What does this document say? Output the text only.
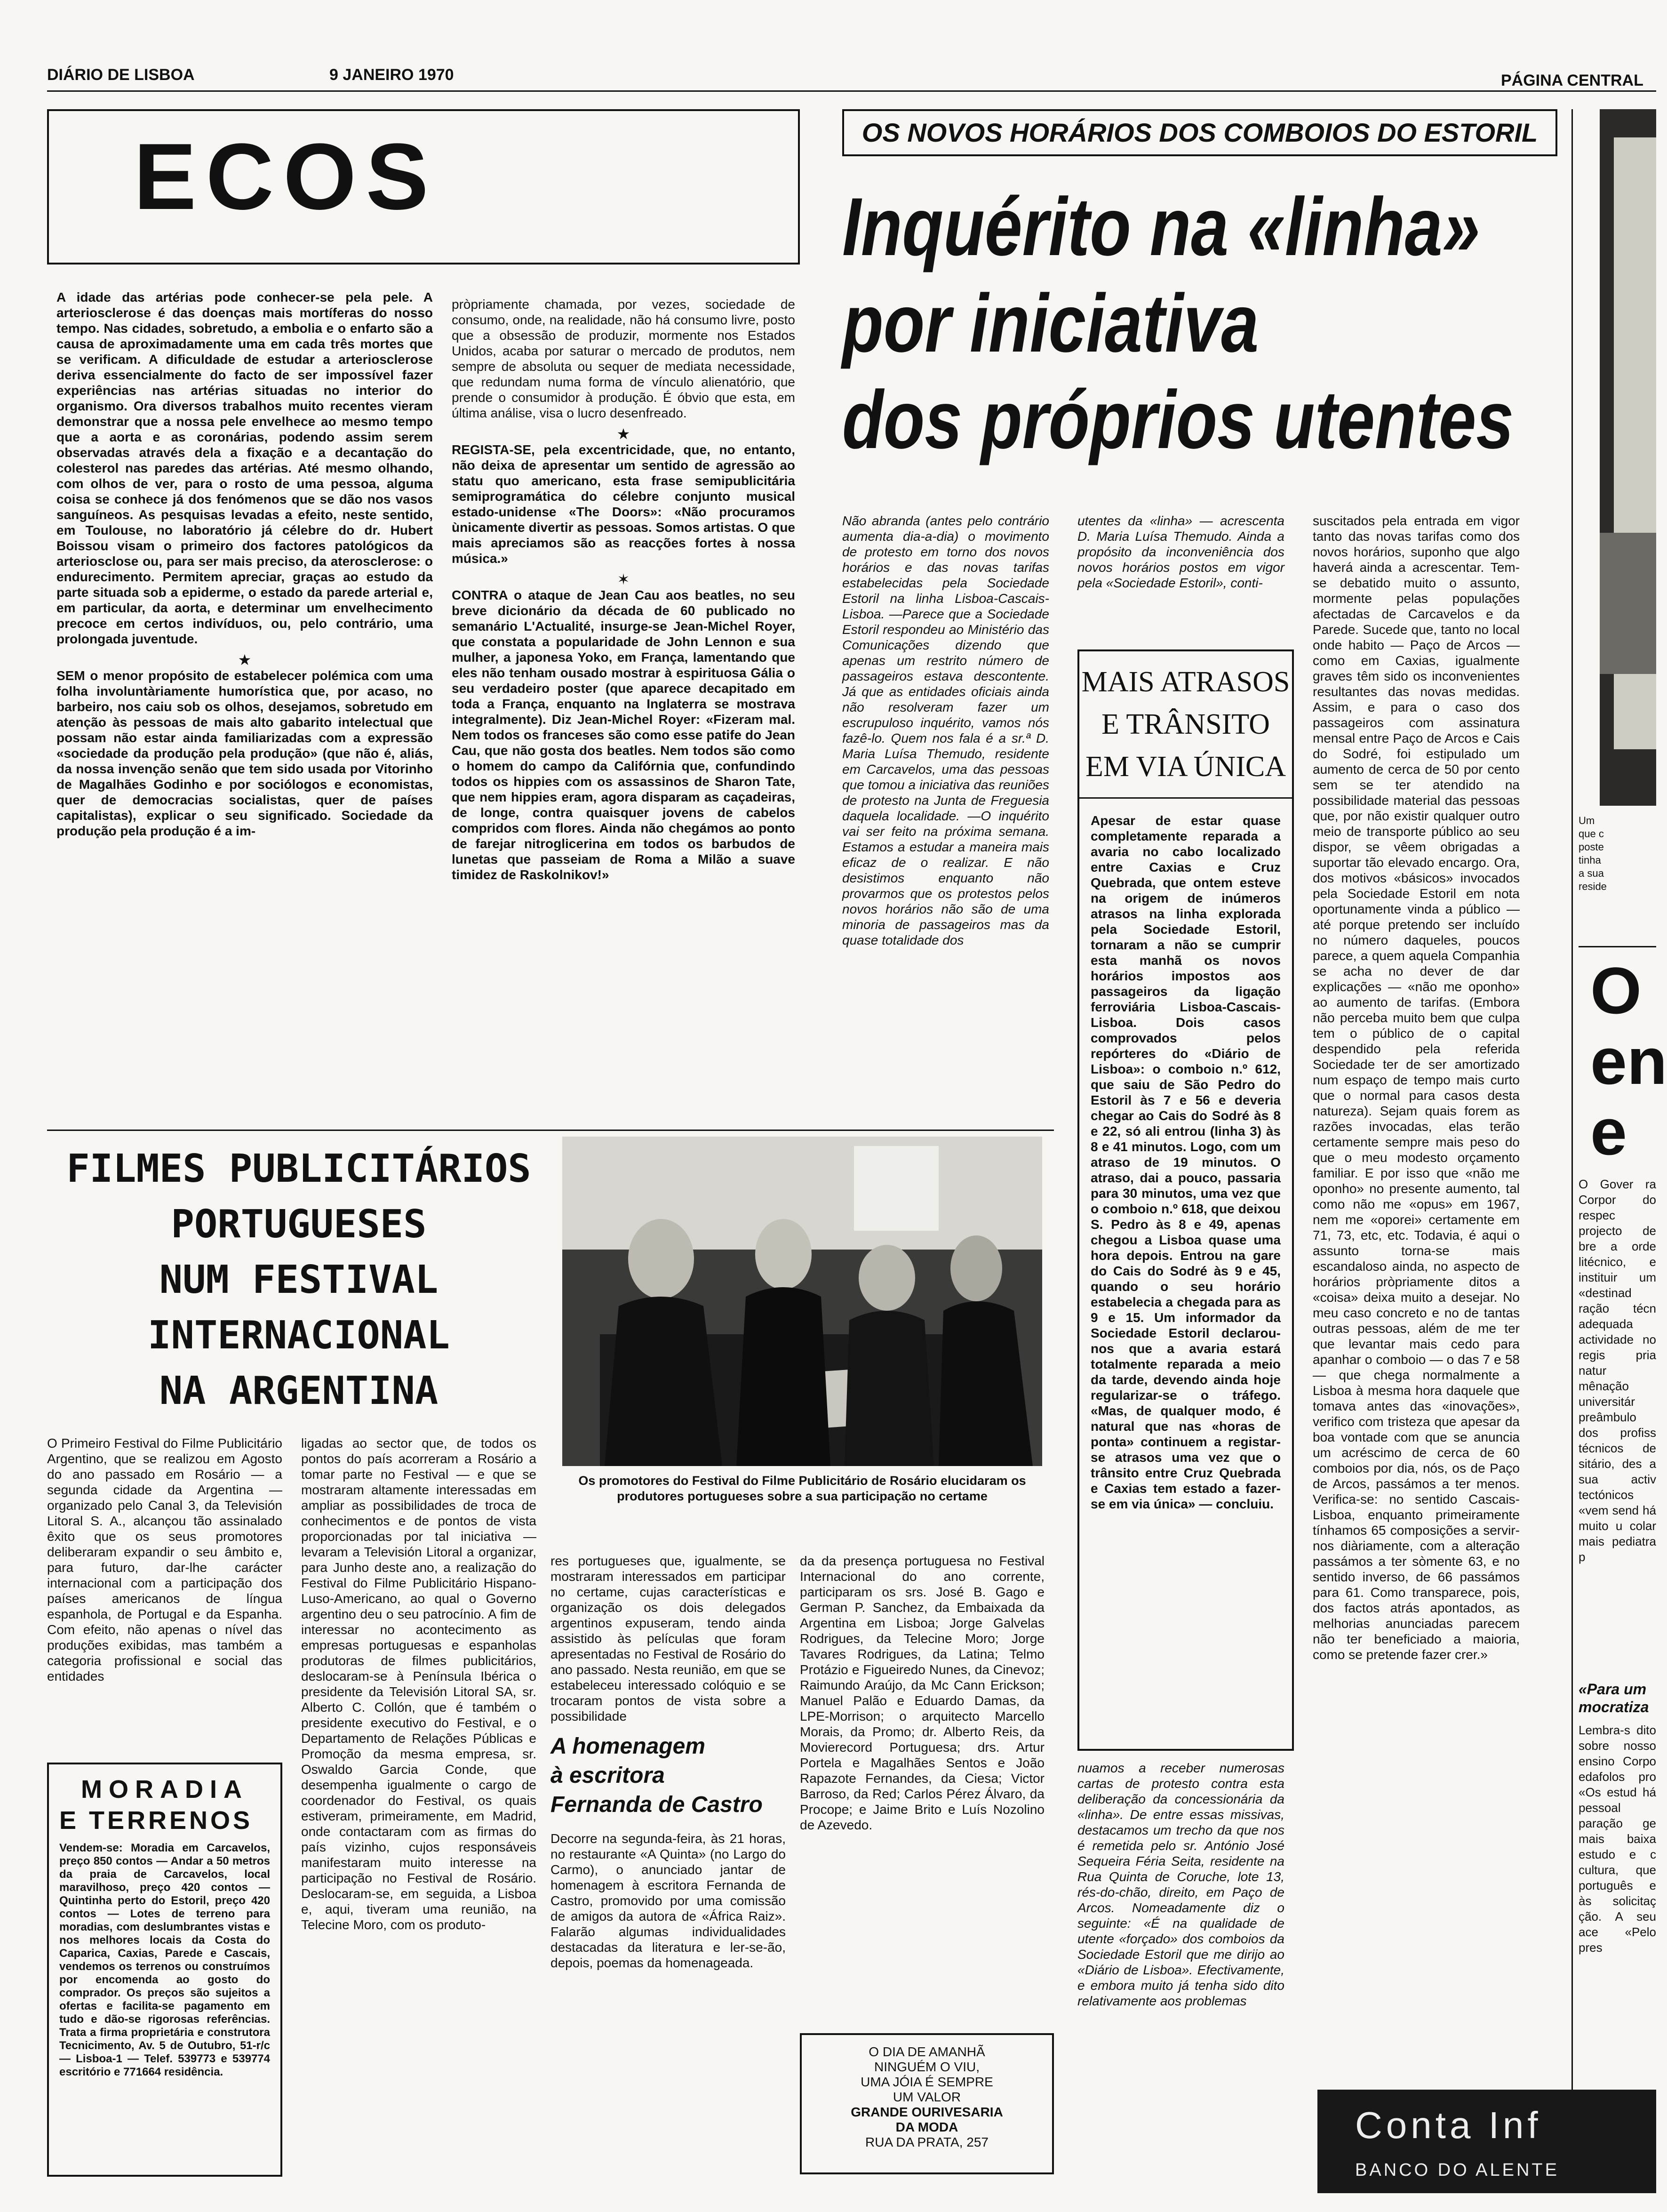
DIÁRIO DE LISBOA	9 JANEIRO 1970	PÁGINA CENTRAL
ECOS

A idade das artérias pode conhecer-se pela pele. A arteriosclerose é das doenças mais mortíferas do nosso tempo. Nas cidades, sobretudo, a embolia e o enfarto são a causa de aproximadamente uma em cada três mortes que se verificam. A dificuldade de estudar a arteriosclerose deriva essencialmente do facto de ser impossível fazer experiências nas artérias situadas no interior do organismo. Ora diversos trabalhos muito recentes vieram demonstrar que a nossa pele envelhece ao mesmo tempo que a aorta e as coronárias, podendo assim serem observadas através dela a fixação e a decantação do colesterol nas paredes das artérias. Até mesmo olhando, com olhos de ver, para o rosto de uma pessoa, alguma coisa se conhece já dos fenómenos que se dão nos vasos sanguíneos. As pesquisas levadas a efeito, neste sentido, em Toulouse, no laboratório já célebre do dr. Hubert Boissou visam o primeiro dos factores patológicos da arteriosclose ou, para ser mais preciso, da aterosclerose: o endurecimento. Permitem apreciar, graças ao estudo da parte situada sob a epiderme, o estado da parede arterial e, em particular, da aorta, e determinar um envelhecimento precoce em certos indivíduos, ou, pelo contrário, uma prolongada juventude.

★

SEM o menor propósito de estabelecer polémica com uma folha involuntàriamente humorística que, por acaso, no barbeiro, nos caiu sob os olhos, desejamos, sobretudo em atenção às pessoas de mais alto gabarito intelectual que possam não estar ainda familiarizadas com a expressão «sociedade da produção pela produção» (que não é, aliás, da nossa invenção senão que tem sido usada por Vitorinho de Magalhães Godinho e por sociólogos e economistas, quer de democracias socialistas, quer de países capitalistas), explicar o seu significado. Sociedade da produção pela produção é a im-

pròpriamente chamada, por vezes, sociedade de consumo, onde, na realidade, não há consumo livre, posto que a obsessão de produzir, mormente nos Estados Unidos, acaba por saturar o mercado de produtos, nem sempre de absoluta ou sequer de mediata necessidade, que redundam numa forma de vínculo alienatório, que prende o consumidor à produção. É óbvio que esta, em última análise, visa o lucro desenfreado.

★

REGISTA-SE, pela excentricidade, que, no entanto, não deixa de apresentar um sentido de agressão ao statu quo americano, esta frase semipublicitária semiprogramática do célebre conjunto musical estado-unidense «The Doors»: «Não procuramos ùnicamente divertir as pessoas. Somos artistas. O que mais apreciamos são as reacções fortes à nossa música.»

✶

CONTRA o ataque de Jean Cau aos beatles, no seu breve dicionário da década de 60 publicado no semanário L'Actualité, insurge-se Jean-Michel Royer, que constata a popularidade de John Lennon e sua mulher, a japonesa Yoko, em França, lamentando que eles não tenham ousado mostrar à espirituosa Gália o seu verdadeiro poster (que aparece decapitado em toda a França, enquanto na Inglaterra se mostrava integralmente). Diz Jean-Michel Royer: «Fizeram mal. Nem todos os franceses são como esse patife do Jean Cau, que não gosta dos beatles. Nem todos são como o homem do campo da Califórnia que, confundindo todos os hippies com os assassinos de Sharon Tate, que nem hippies eram, agora disparam as caçadeiras, de longe, contra quaisquer jovens de cabelos compridos com flores. Ainda não chegámos ao ponto de farejar nitroglicerina em todos os barbudos de lunetas que passeiam de Roma a Milão a suave timidez de Raskolnikov!»

OS NOVOS HORÁRIOS DOS COMBOIOS DO ESTORIL
Inquérito na «linha»
por iniciativa
dos próprios utentes

Não abranda (antes pelo contrário aumenta dia-a-dia) o movimento de protesto em torno dos novos horários e das novas tarifas estabelecidas pela Sociedade Estoril na linha Lisboa-Cascais-Lisboa. —Parece que a Sociedade Estoril respondeu ao Ministério das Comunicações dizendo que apenas um restrito número de passageiros estava descontente. Já que as entidades oficiais ainda não resolveram fazer um escrupuloso inquérito, vamos nós fazê-lo. Quem nos fala é a sr.ª D. Maria Luísa Themudo, residente em Carcavelos, uma das pessoas que tomou a iniciativa das reuniões de protesto na Junta de Freguesia daquela localidade. —O inquérito vai ser feito na próxima semana. Estamos a estudar a maneira mais eficaz de o realizar. E não desistimos enquanto não provarmos que os protestos pelos novos horários não são de uma minoria de passageiros mas da quase totalidade dos

utentes da «linha» — acrescenta D. Maria Luísa Themudo. Ainda a propósito da inconveniência dos novos horários postos em vigor pela «Sociedade Estoril», conti-

MAIS ATRASOS
E TRÂNSITO
EM VIA ÚNICA
Apesar de estar quase completamente reparada a avaria no cabo localizado entre Caxias e Cruz Quebrada, que ontem esteve na origem de inúmeros atrasos na linha explorada pela Sociedade Estoril, tornaram a não se cumprir esta manhã os novos horários impostos aos passageiros da ligação ferroviária Lisboa-Cascais-Lisboa. Dois casos comprovados pelos repórteres do «Diário de Lisboa»: o comboio n.º 612, que saiu de São Pedro do Estoril às 7 e 56 e deveria chegar ao Cais do Sodré às 8 e 22, só ali entrou (linha 3) às 8 e 41 minutos. Logo, com um atraso de 19 minutos. O atraso, dai a pouco, passaria para 30 minutos, uma vez que o comboio n.º 618, que deixou S. Pedro às 8 e 49, apenas chegou a Lisboa quase uma hora depois. Entrou na gare do Cais do Sodré às 9 e 45, quando o seu horário estabelecia a chegada para as 9 e 15. Um informador da Sociedade Estoril declarou-nos que a avaria estará totalmente reparada a meio da tarde, devendo ainda hoje regularizar-se o tráfego. «Mas, de qualquer modo, é natural que nas «horas de ponta» continuem a registar-se atrasos uma vez que o trânsito entre Cruz Quebrada e Caxias tem estado a fazer-se em via única» — concluiu.

nuamos a receber numerosas cartas de protesto contra esta deliberação da concessionária da «linha». De entre essas missivas, destacamos um trecho da que nos é remetida pelo sr. António José Sequeira Féria Seita, residente na Rua Quinta de Coruche, lote 13, rés-do-chão, direito, em Paço de Arcos. Nomeadamente diz o seguinte: «É na qualidade de utente «forçado» dos comboios da Sociedade Estoril que me dirijo ao «Diário de Lisboa». Efectivamente, e embora muito já tenha sido dito relativamente aos problemas

suscitados pela entrada em vigor tanto das novas tarifas como dos novos horários, suponho que algo haverá ainda a acrescentar. Tem-se debatido muito o assunto, mormente pelas populações afectadas de Carcavelos e da Parede. Sucede que, tanto no local onde habito — Paço de Arcos — como em Caxias, igualmente graves têm sido os inconvenientes resultantes das novas medidas. Assim, e para o caso dos passageiros com assinatura mensal entre Paço de Arcos e Cais do Sodré, foi estipulado um aumento de cerca de 50 por cento sem se ter atendido na possibilidade material das pessoas que, por não existir qualquer outro meio de transporte público ao seu dispor, se vêem obrigadas a suportar tão elevado encargo. Ora, dos motivos «básicos» invocados pela Sociedade Estoril em nota oportunamente vinda a público — até porque pretendo ser incluído no número daqueles, poucos parece, a quem aquela Companhia se acha no dever de dar explicações — «não me oponho» ao aumento de tarifas. (Embora não perceba muito bem que culpa tem o público de o capital despendido pela referida Sociedade ter de ser amortizado num espaço de tempo mais curto que o normal para casos desta natureza). Sejam quais forem as razões invocadas, elas terão certamente sempre mais peso do que o meu modesto orçamento familiar. E por isso que «não me oponho» no presente aumento, tal como não me «opus» em 1967, nem me «oporei» certamente em 71, 73, etc, etc. Todavia, é aqui o assunto torna-se mais escandaloso ainda, no aspecto de horários pròpriamente ditos a «coisa» deixa muito a desejar. No meu caso concreto e no de tantas outras pessoas, além de me ter que levantar mais cedo para apanhar o comboio — o das 7 e 58 — que chega normalmente a Lisboa à mesma hora daquele que tomava antes das «inovações», verifico com tristeza que apesar da boa vontade com que se anuncia um acréscimo de cerca de 60 comboios por dia, nós, os de Paço de Arcos, passámos a ter menos. Verifica-se: no sentido Cascais-Lisboa, enquanto primeiramente tínhamos 65 composições a servir-nos diàriamente, com a alteração passámos a ter sòmente 63, e no sentido inverso, de 66 passámos para 61. Como transparece, pois, dos factos atrás apontados, as melhorias anunciadas parecem não ter beneficiado a maioria, como se pretende fazer crer.»

FILMES PUBLICITÁRIOS
PORTUGUESES
NUM FESTIVAL
INTERNACIONAL
NA ARGENTINA
Os promotores do Festival do Filme Publicitário de Rosário elucidaram os produtores portugueses sobre a sua participação no certame

O Primeiro Festival do Filme Publicitário Argentino, que se realizou em Agosto do ano passado em Rosário — a segunda cidade da Argentina — organizado pelo Canal 3, da Televisión Litoral S. A., alcançou tão assinalado êxito que os seus promotores deliberaram expandir o seu âmbito e, para futuro, dar-lhe carácter internacional com a participação dos países americanos de língua espanhola, de Portugal e da Espanha. Com efeito, não apenas o nível das produções exibidas, mas também a categoria profissional e social das entidades

ligadas ao sector que, de todos os pontos do país acorreram a Rosário a tomar parte no Festival — e que se mostraram altamente interessadas em ampliar as possibilidades de troca de conhecimentos e de pontos de vista proporcionadas por tal iniciativa — levaram a Televisión Litoral a organizar, para Junho deste ano, a realização do Festival do Filme Publicitário Hispano-Luso-Americano, ao qual o Governo argentino deu o seu patrocínio. A fim de interessar no acontecimento as empresas portuguesas e espanholas produtoras de filmes publicitários, deslocaram-se à Península Ibérica o presidente da Televisión Litoral SA, sr. Alberto C. Collón, que é também o presidente executivo do Festival, e o Departamento de Relações Públicas e Promoção da mesma empresa, sr. Oswaldo Garcia Conde, que desempenha igualmente o cargo de coordenador do Festival, os quais estiveram, primeiramente, em Madrid, onde contactaram com as firmas do país vizinho, cujos responsáveis manifestaram muito interesse na participação no Festival de Rosário. Deslocaram-se, em seguida, a Lisboa e, aqui, tiveram uma reunião, na Telecine Moro, com os produto-

res portugueses que, igualmente, se mostraram interessados em participar no certame, cujas características e organização os dois delegados argentinos expuseram, tendo ainda assistido às películas que foram apresentadas no Festival de Rosário do ano passado. Nesta reunião, em que se estabeleceu interessado colóquio e se trocaram pontos de vista sobre a possibilidade

da da presença portuguesa no Festival Internacional do ano corrente, participaram os srs. José B. Gago e German P. Sanchez, da Embaixada da Argentina em Lisboa; Jorge Galvelas Rodrigues, da Telecine Moro; Jorge Tavares Rodrigues, da Latina; Telmo Protázio e Figueiredo Nunes, da Cinevoz; Raimundo Araújo, da Mc Cann Erickson; Manuel Palão e Eduardo Damas, da LPE-Morrison; o arquitecto Marcello Morais, da Promo; dr. Alberto Reis, da Movierecord Portuguesa; drs. Artur Portela e Magalhães Sentos e João Rapazote Fernandes, da Ciesa; Victor Barroso, da Red; Carlos Pérez Álvaro, da Procope; e Jaime Brito e Luís Nozolino de Azevedo.

A homenagem
à escritora
Fernanda de Castro

Decorre na segunda-feira, às 21 horas, no restaurante «A Quinta» (no Largo do Carmo), o anunciado jantar de homenagem à escritora Fernanda de Castro, promovido por uma comissão de amigos da autora de «África Raiz». Falarão algumas individualidades destacadas da literatura e ler-se-ão, depois, poemas da homenageada.

MORADIA
E TERRENOS
Vendem-se: Moradia em Carcavelos, preço 850 contos — Andar a 50 metros da praia de Carcavelos, local maravilhoso, preço 420 contos — Quintinha perto do Estoril, preço 420 contos — Lotes de terreno para moradias, com deslumbrantes vistas e nos melhores locais da Costa do Caparica, Caxias, Parede e Cascais, vendemos os terrenos ou construímos por encomenda ao gosto do comprador. Os preços são sujeitos a ofertas e facilita-se pagamento em tudo e dão-se rigorosas referências. Trata a firma proprietária e construtora Tecnicimento, Av. 5 de Outubro, 51-r/c — Lisboa-1 — Telef. 539773 e 539774 escritório e 771664 residência.
O DIA DE AMANHÃ
NINGUÉM O VIU,
UMA JÓIA É SEMPRE
UM VALOR
GRANDE OURIVESARIA
DA MODA
RUA DA PRATA, 257
Um
que c
poste
tinha
a sua
reside
O
en
e
O Gover ra Corpor do respec projecto de bre a orde litécnico, e instituir um «destinad ração técn adequada actividade no regis pria natur mênação universitár preâmbulo dos profiss técnicos de sitário, des a sua activ tectónicos «vem send há muito u colar mais pediatra p
«Para um mocratiza
Lembra-s dito sobre nosso ensino Corpo edafolos pro «Os estud há pessoal paração ge mais baixa estudo e c cultura, que português e às solicitaç ção. A seu ace «Pelo pres
Conta Inf
BANCO DO ALENTE
